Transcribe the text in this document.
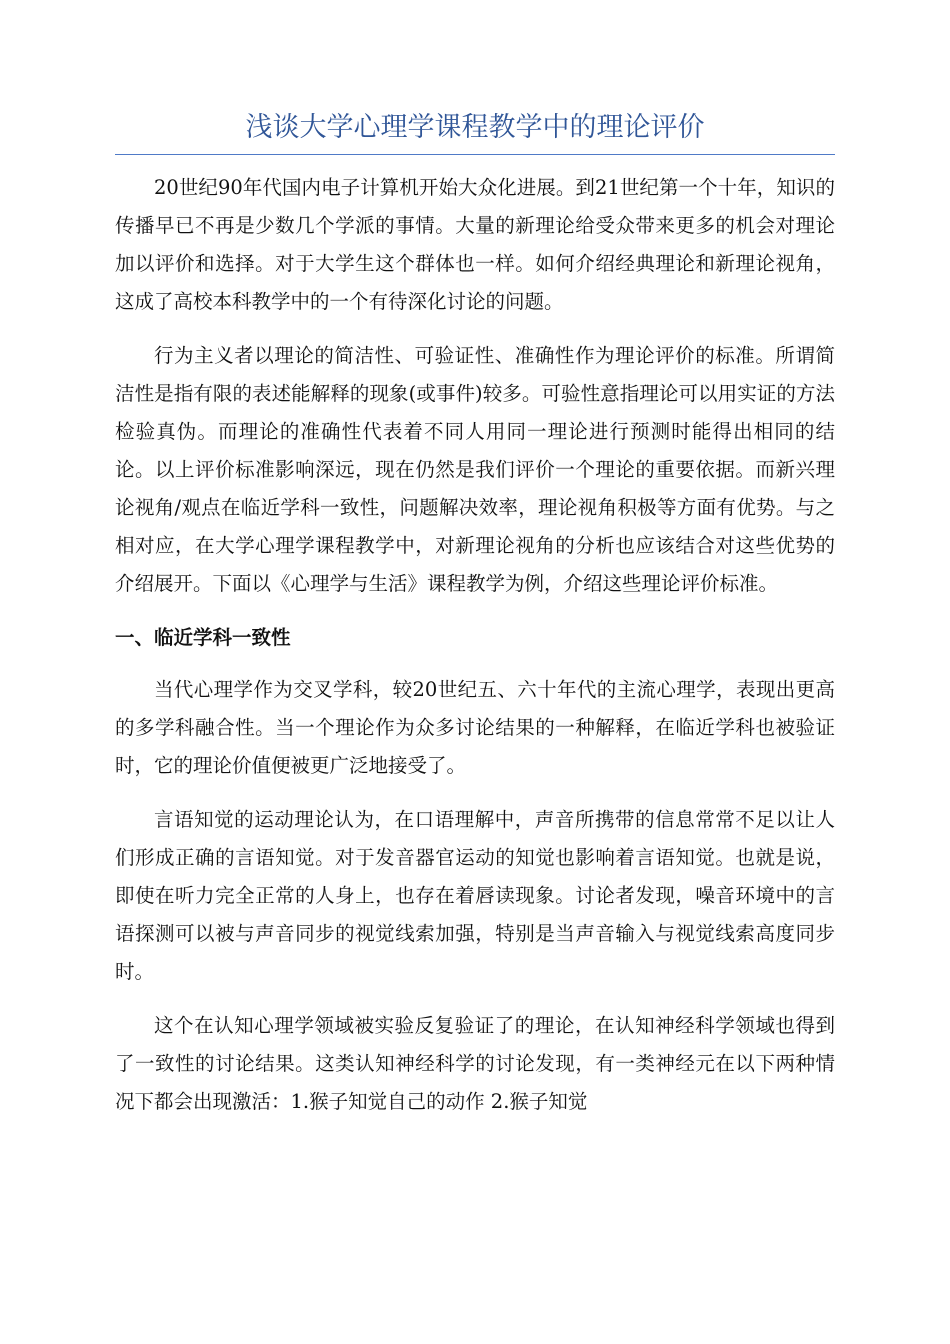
浅谈大学心理学课程教学中的理论评价

20世纪90年代国内电子计算机开始大众化进展。到21世纪第一个十年，知识的传播早已不再是少数几个学派的事情。大量的新理论给受众带来更多的机会对理论加以评价和选择。对于大学生这个群体也一样。如何介绍经典理论和新理论视角，这成了高校本科教学中的一个有待深化讨论的问题。

行为主义者以理论的简洁性、可验证性、准确性作为理论评价的标准。所谓简洁性是指有限的表述能解释的现象(或事件)较多。可验性意指理论可以用实证的方法检验真伪。而理论的准确性代表着不同人用同一理论进行预测时能得出相同的结论。以上评价标准影响深远，现在仍然是我们评价一个理论的重要依据。而新兴理论视角/观点在临近学科一致性，问题解决效率，理论视角积极等方面有优势。与之相对应，在大学心理学课程教学中，对新理论视角的分析也应该结合对这些优势的介绍展开。下面以《心理学与生活》课程教学为例，介绍这些理论评价标准。

一、临近学科一致性

当代心理学作为交叉学科，较20世纪五、六十年代的主流心理学，表现出更高的多学科融合性。当一个理论作为众多讨论结果的一种解释，在临近学科也被验证时，它的理论价值便被更广泛地接受了。

言语知觉的运动理论认为，在口语理解中，声音所携带的信息常常不足以让人们形成正确的言语知觉。对于发音器官运动的知觉也影响着言语知觉。也就是说，即使在听力完全正常的人身上，也存在着唇读现象。讨论者发现，噪音环境中的言语探测可以被与声音同步的视觉线索加强，特别是当声音输入与视觉线索高度同步时。

这个在认知心理学领域被实验反复验证了的理论，在认知神经科学领域也得到了一致性的讨论结果。这类认知神经科学的讨论发现，有一类神经元在以下两种情况下都会出现激活：1.猴子知觉自己的动作 2.猴子知觉
